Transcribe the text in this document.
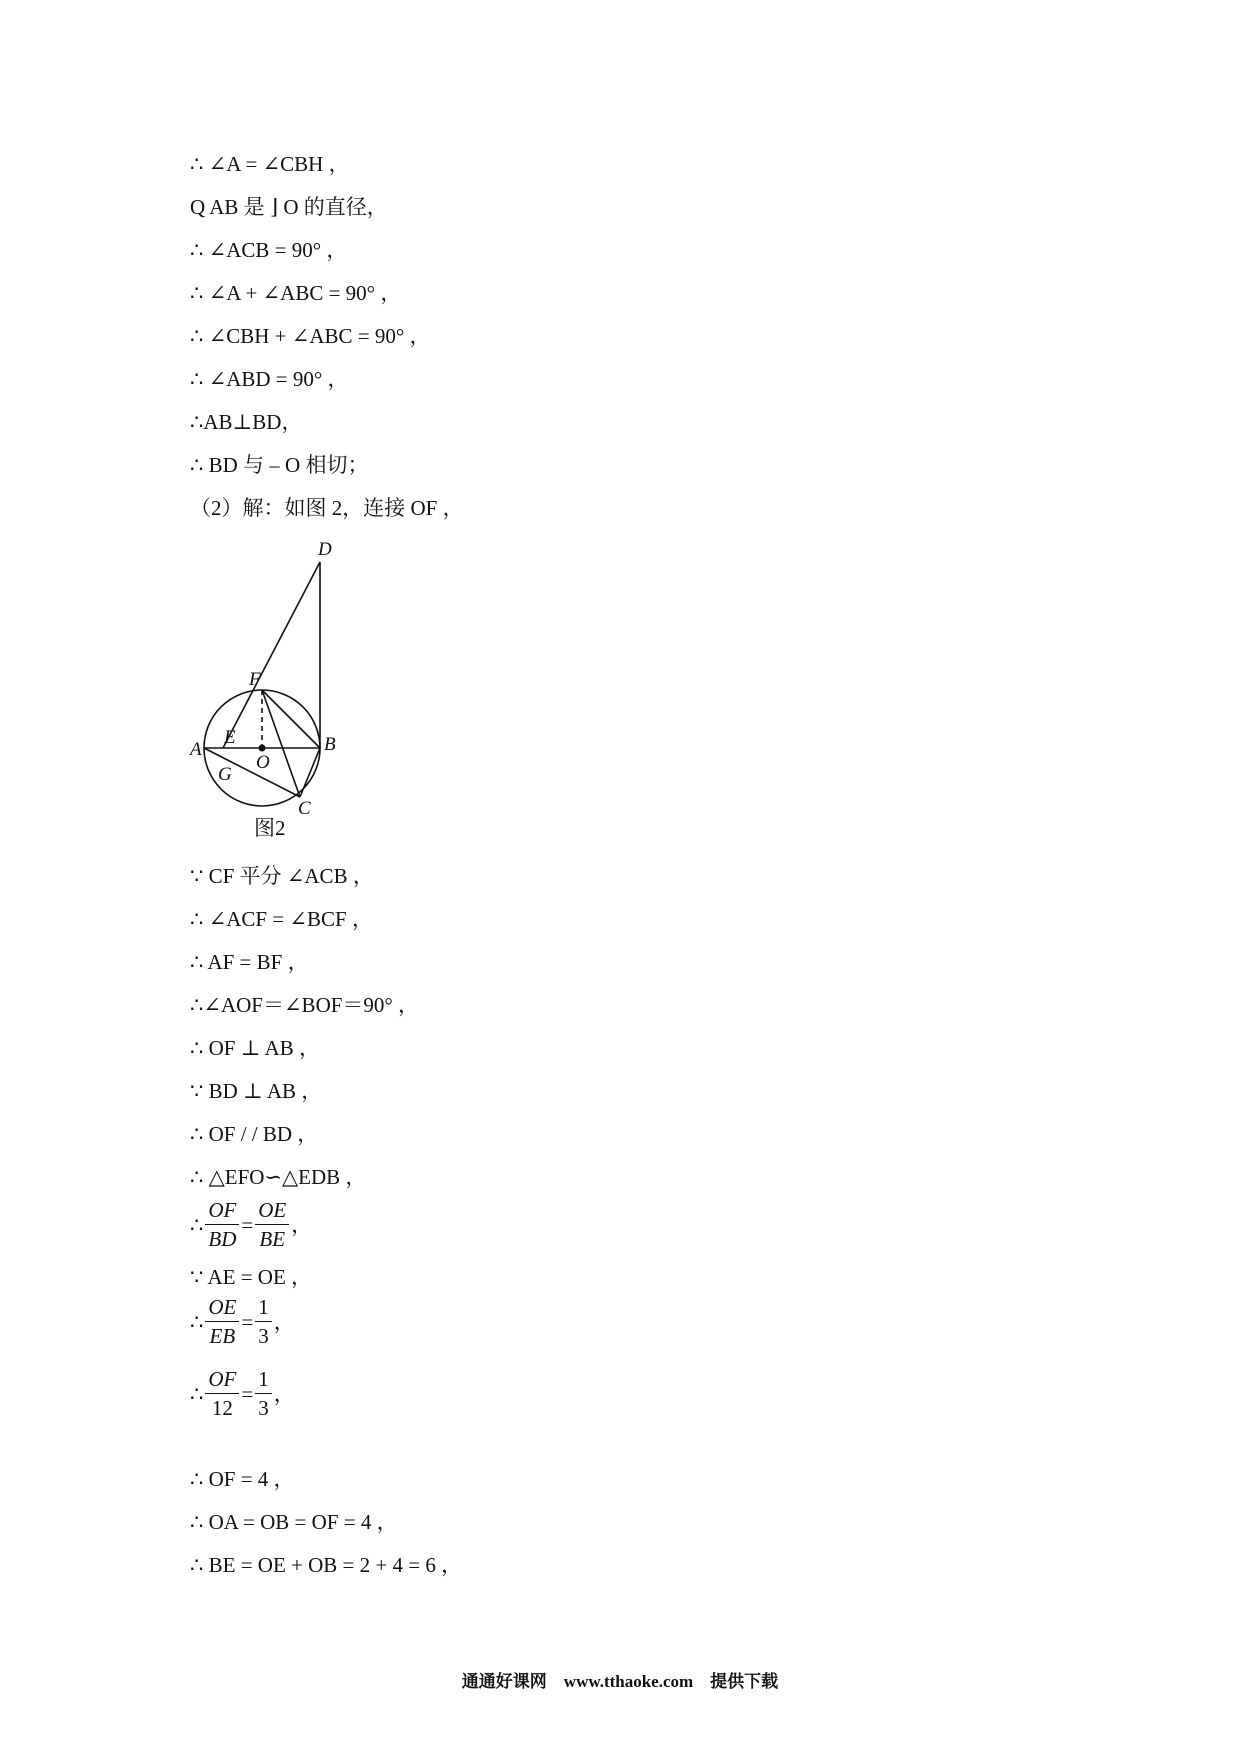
∴ ∠A = ∠CBH ，
Q AB 是 ⌋ O 的直径，
∴ ∠ACB = 90° ，
∴ ∠A + ∠ABC = 90° ，
∴ ∠CBH + ∠ABC = 90° ，
∴ ∠ABD = 90° ，
∴AB⊥BD，
∴ BD 与 ⎯ O 相切；
（2）解：如图 2，连接 OF ，
D
F
A
E
O
B
G
C
图2
∵ CF 平分 ∠ACB ，
∴ ∠ACF = ∠BCF ，
∴ AF = BF ，
∴∠AOF＝∠BOF＝90° ，
∴ OF ⊥ AB ，
∵ BD ⊥ AB ，
∴ OF / / BD ，
∴ △EFO∽△EDB ，
∴ $\frac{OF}{BD} = \frac{OE}{BE}$ ，
∵ AE = OE ，
∴ $\frac{OE}{EB} = \frac{1}{3}$ ，
∴ $\frac{OF}{12} = \frac{1}{3}$ ，
∴ OF = 4 ，
∴ OA = OB = OF = 4 ，
∴ BE = OE + OB = 2 + 4 = 6 ，
通通好课网　www.tthaoke.com　提供下载
